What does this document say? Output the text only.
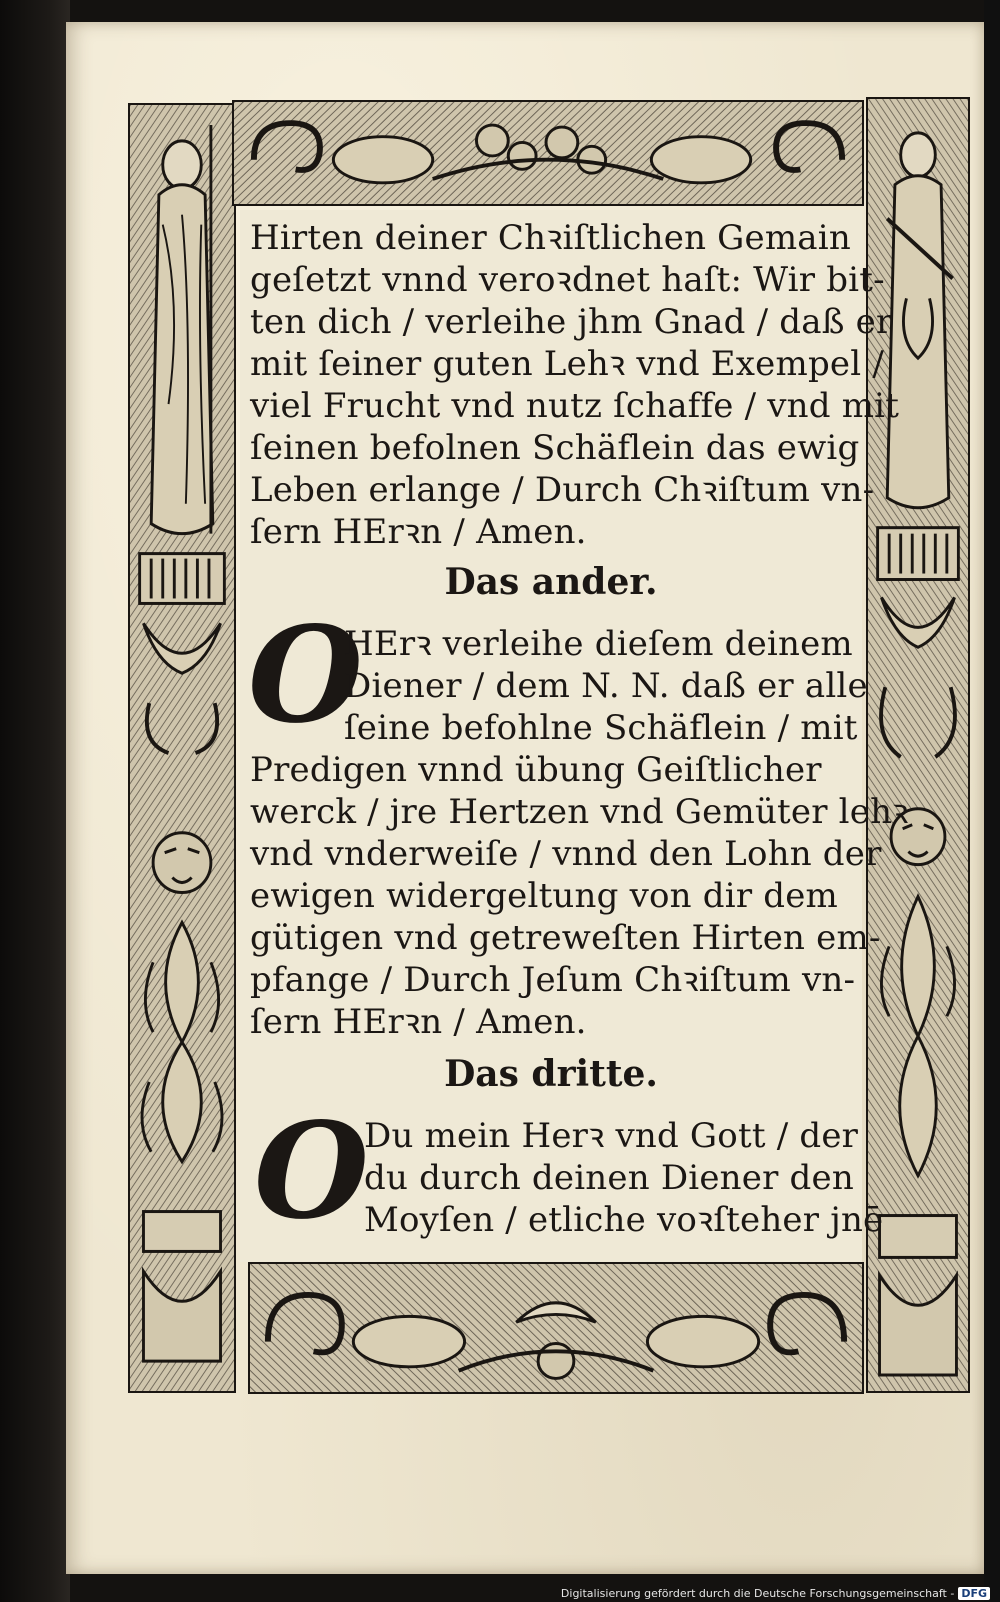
Hirten deiner Chꝛiſtlichen Gemain
geſetzt vnnd veroꝛdnet haſt: Wir bit-
ten dich / verleihe jhm Gnad / daß er
mit ſeiner guten Lehꝛ vnd Exempel /
viel Frucht vnd nutz ſchaffe / vnd mit
ſeinen befolnen Schäflein das ewig
Leben erlange / Durch Chꝛiſtum vn-
ſern HErꝛn / Amen.
Das ander.
O
HErꝛ verleihe dieſem deinem
Diener / dem N. N. daß er alle
ſeine befohlne Schäflein / mit
Predigen vnnd übung Geiſtlicher
werck / jre Hertzen vnd Gemüter lehꝛ
vnd vnderweiſe / vnnd den Lohn der
ewigen widergeltung von dir dem
gütigen vnd getreweſten Hirten em-
pfange / Durch Jeſum Chꝛiſtum vn-
ſern HErꝛn / Amen.
Das dritte.
O
Du mein Herꝛ vnd Gott / der
du durch deinen Diener den
Moyſen / etliche voꝛſteher jnē
Digitalisierung gefördert durch die Deutsche Forschungsgemeinschaft - DFG
